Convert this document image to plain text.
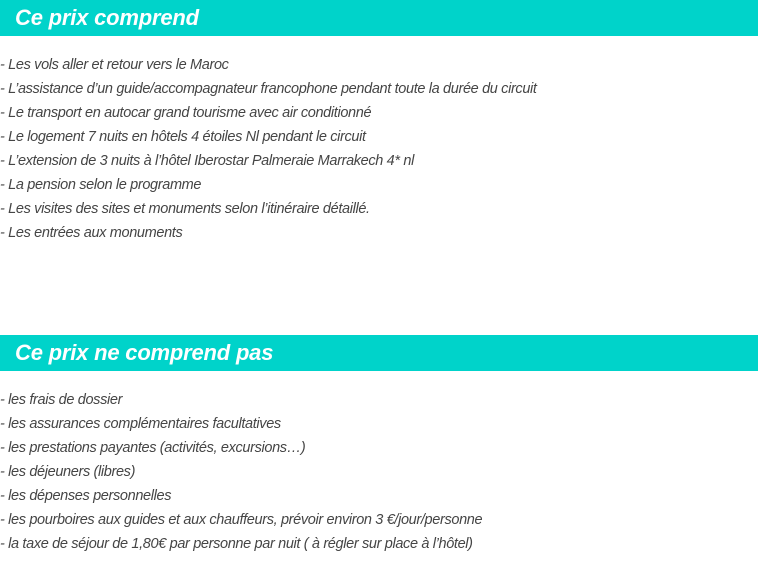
Ce prix comprend
- Les vols aller et retour vers le Maroc
- L’assistance d’un guide/accompagnateur francophone pendant toute la durée du circuit
- Le transport en autocar grand tourisme avec air conditionné
- Le logement 7 nuits en hôtels 4 étoiles Nl pendant le circuit
- L’extension de 3 nuits à l’hôtel Iberostar Palmeraie Marrakech 4* nl
- La pension selon le programme
- Les visites des sites et monuments selon l’itinéraire détaillé.
- Les entrées aux monuments
Ce prix ne comprend pas
- les frais de dossier
- les assurances complémentaires facultatives
- les prestations payantes (activités, excursions…)
- les déjeuners (libres)
- les dépenses personnelles
- les pourboires aux guides et aux chauffeurs, prévoir environ 3 €/jour/personne
- la taxe de séjour de 1,80€ par personne par nuit ( à régler sur place à l’hôtel)
